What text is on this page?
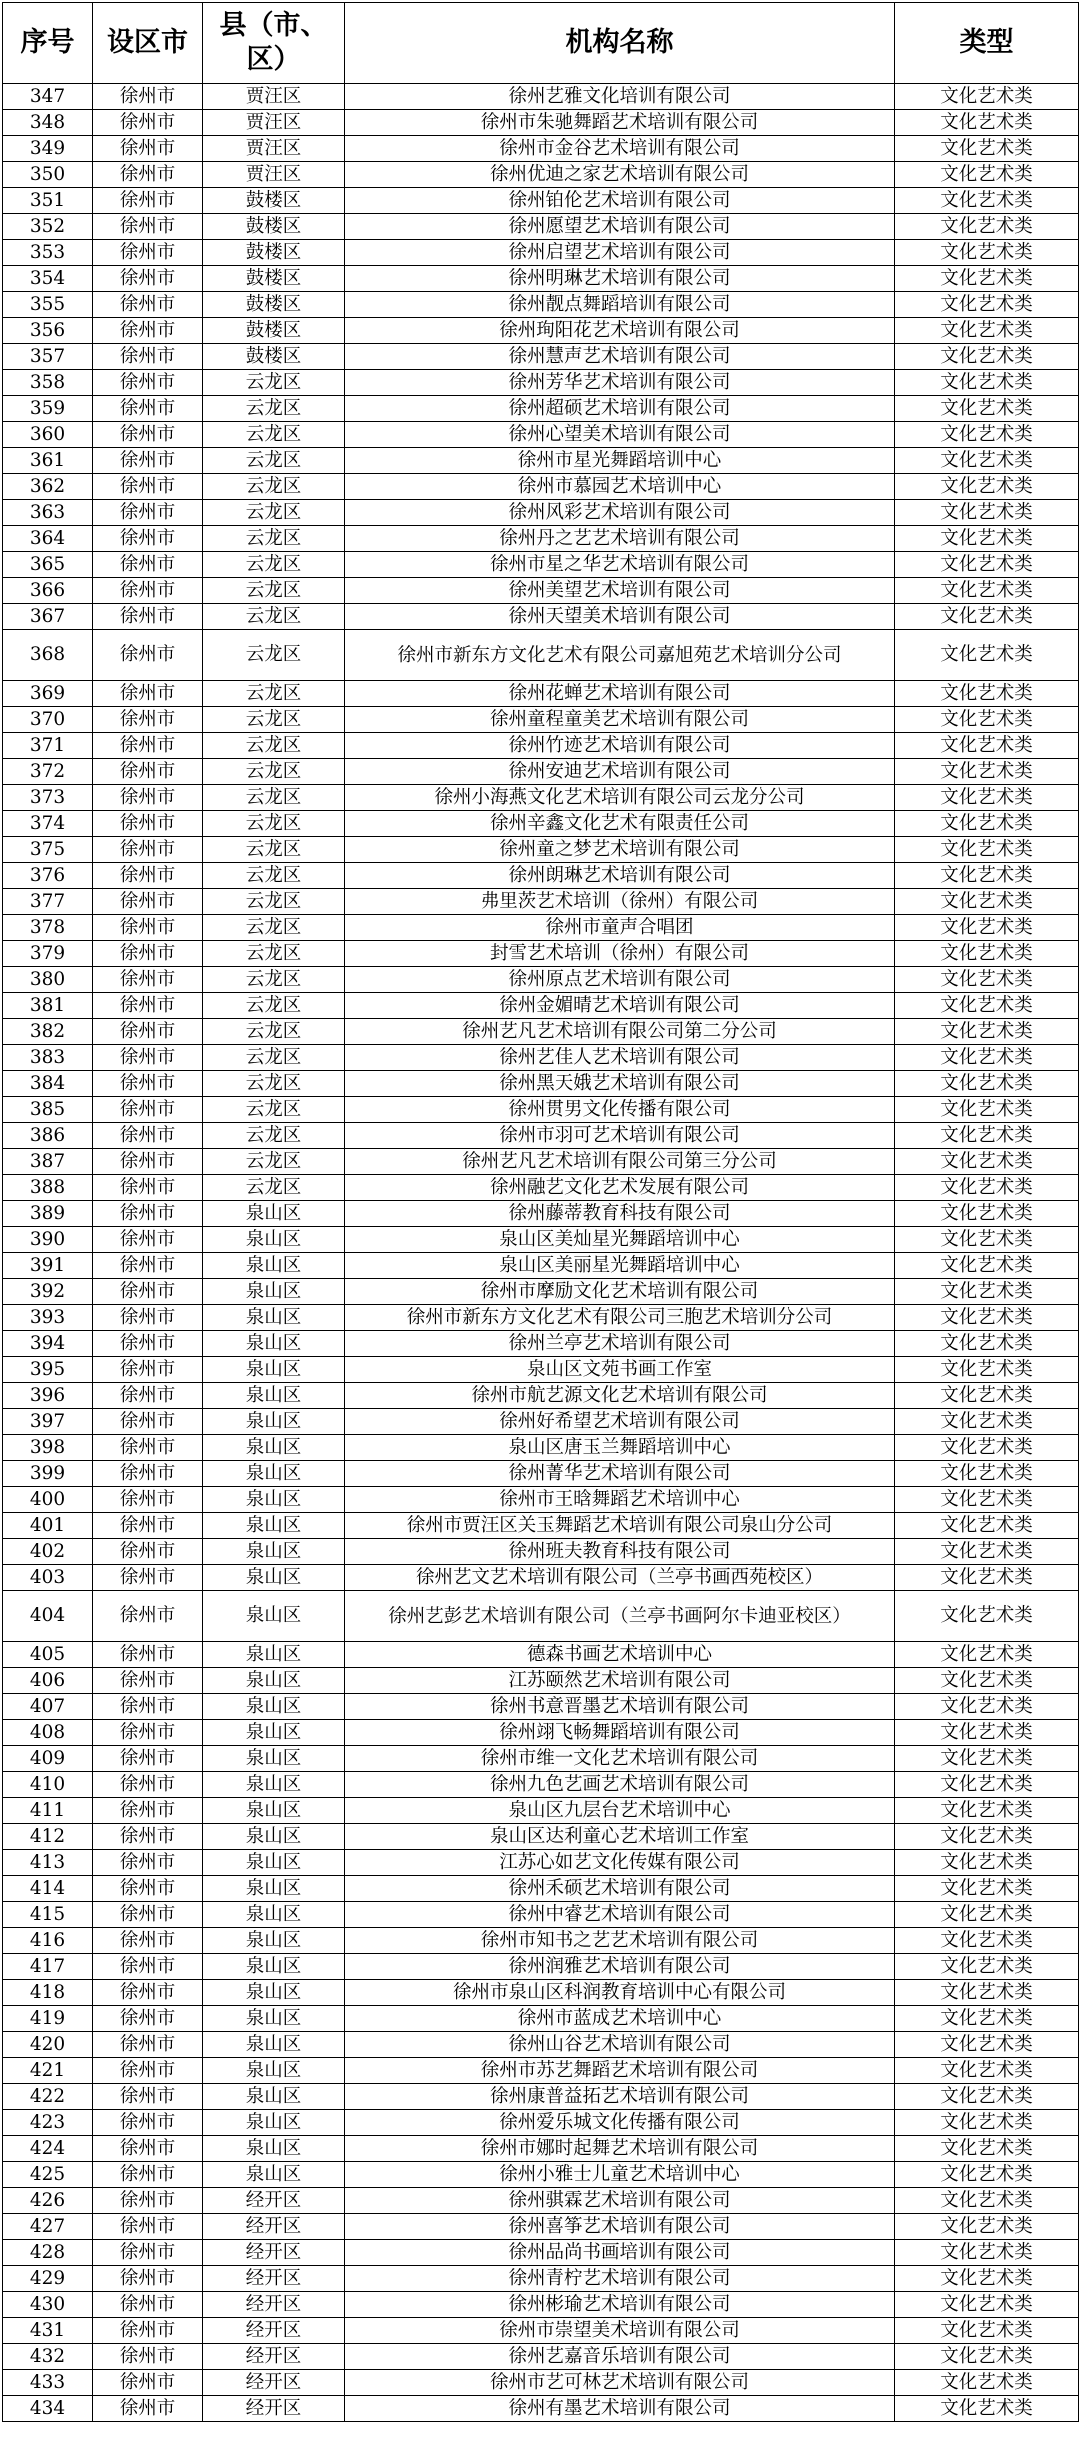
序号	设区市	县（市、区）	机构名称	类型
347	徐州市	贾汪区	徐州艺雅文化培训有限公司	文化艺术类
348	徐州市	贾汪区	徐州市朱驰舞蹈艺术培训有限公司	文化艺术类
349	徐州市	贾汪区	徐州市金谷艺术培训有限公司	文化艺术类
350	徐州市	贾汪区	徐州优迪之家艺术培训有限公司	文化艺术类
351	徐州市	鼓楼区	徐州铂伦艺术培训有限公司	文化艺术类
352	徐州市	鼓楼区	徐州愿望艺术培训有限公司	文化艺术类
353	徐州市	鼓楼区	徐州启望艺术培训有限公司	文化艺术类
354	徐州市	鼓楼区	徐州明琳艺术培训有限公司	文化艺术类
355	徐州市	鼓楼区	徐州靓点舞蹈培训有限公司	文化艺术类
356	徐州市	鼓楼区	徐州珣阳花艺术培训有限公司	文化艺术类
357	徐州市	鼓楼区	徐州慧声艺术培训有限公司	文化艺术类
358	徐州市	云龙区	徐州芳华艺术培训有限公司	文化艺术类
359	徐州市	云龙区	徐州超硕艺术培训有限公司	文化艺术类
360	徐州市	云龙区	徐州心望美术培训有限公司	文化艺术类
361	徐州市	云龙区	徐州市星光舞蹈培训中心	文化艺术类
362	徐州市	云龙区	徐州市慕园艺术培训中心	文化艺术类
363	徐州市	云龙区	徐州风彩艺术培训有限公司	文化艺术类
364	徐州市	云龙区	徐州丹之艺艺术培训有限公司	文化艺术类
365	徐州市	云龙区	徐州市星之华艺术培训有限公司	文化艺术类
366	徐州市	云龙区	徐州美望艺术培训有限公司	文化艺术类
367	徐州市	云龙区	徐州天望美术培训有限公司	文化艺术类
368	徐州市	云龙区	徐州市新东方文化艺术有限公司嘉旭苑艺术培训分公司	文化艺术类
369	徐州市	云龙区	徐州花蝉艺术培训有限公司	文化艺术类
370	徐州市	云龙区	徐州童程童美艺术培训有限公司	文化艺术类
371	徐州市	云龙区	徐州竹迹艺术培训有限公司	文化艺术类
372	徐州市	云龙区	徐州安迪艺术培训有限公司	文化艺术类
373	徐州市	云龙区	徐州小海燕文化艺术培训有限公司云龙分公司	文化艺术类
374	徐州市	云龙区	徐州辛鑫文化艺术有限责任公司	文化艺术类
375	徐州市	云龙区	徐州童之梦艺术培训有限公司	文化艺术类
376	徐州市	云龙区	徐州朗琳艺术培训有限公司	文化艺术类
377	徐州市	云龙区	弗里茨艺术培训（徐州）有限公司	文化艺术类
378	徐州市	云龙区	徐州市童声合唱团	文化艺术类
379	徐州市	云龙区	封雪艺术培训（徐州）有限公司	文化艺术类
380	徐州市	云龙区	徐州原点艺术培训有限公司	文化艺术类
381	徐州市	云龙区	徐州金媚晴艺术培训有限公司	文化艺术类
382	徐州市	云龙区	徐州艺凡艺术培训有限公司第二分公司	文化艺术类
383	徐州市	云龙区	徐州艺佳人艺术培训有限公司	文化艺术类
384	徐州市	云龙区	徐州黑天娥艺术培训有限公司	文化艺术类
385	徐州市	云龙区	徐州贯男文化传播有限公司	文化艺术类
386	徐州市	云龙区	徐州市羽可艺术培训有限公司	文化艺术类
387	徐州市	云龙区	徐州艺凡艺术培训有限公司第三分公司	文化艺术类
388	徐州市	云龙区	徐州融艺文化艺术发展有限公司	文化艺术类
389	徐州市	泉山区	徐州藤蒂教育科技有限公司	文化艺术类
390	徐州市	泉山区	泉山区美灿星光舞蹈培训中心	文化艺术类
391	徐州市	泉山区	泉山区美丽星光舞蹈培训中心	文化艺术类
392	徐州市	泉山区	徐州市摩励文化艺术培训有限公司	文化艺术类
393	徐州市	泉山区	徐州市新东方文化艺术有限公司三胞艺术培训分公司	文化艺术类
394	徐州市	泉山区	徐州兰亭艺术培训有限公司	文化艺术类
395	徐州市	泉山区	泉山区文苑书画工作室	文化艺术类
396	徐州市	泉山区	徐州市航艺源文化艺术培训有限公司	文化艺术类
397	徐州市	泉山区	徐州好希望艺术培训有限公司	文化艺术类
398	徐州市	泉山区	泉山区唐玉兰舞蹈培训中心	文化艺术类
399	徐州市	泉山区	徐州菁华艺术培训有限公司	文化艺术类
400	徐州市	泉山区	徐州市王晗舞蹈艺术培训中心	文化艺术类
401	徐州市	泉山区	徐州市贾汪区关玉舞蹈艺术培训有限公司泉山分公司	文化艺术类
402	徐州市	泉山区	徐州班夫教育科技有限公司	文化艺术类
403	徐州市	泉山区	徐州艺文艺术培训有限公司（兰亭书画西苑校区）	文化艺术类
404	徐州市	泉山区	徐州艺彭艺术培训有限公司（兰亭书画阿尔卡迪亚校区）	文化艺术类
405	徐州市	泉山区	德森书画艺术培训中心	文化艺术类
406	徐州市	泉山区	江苏颐然艺术培训有限公司	文化艺术类
407	徐州市	泉山区	徐州书意晋墨艺术培训有限公司	文化艺术类
408	徐州市	泉山区	徐州翊飞畅舞蹈培训有限公司	文化艺术类
409	徐州市	泉山区	徐州市维一文化艺术培训有限公司	文化艺术类
410	徐州市	泉山区	徐州九色艺画艺术培训有限公司	文化艺术类
411	徐州市	泉山区	泉山区九层台艺术培训中心	文化艺术类
412	徐州市	泉山区	泉山区达利童心艺术培训工作室	文化艺术类
413	徐州市	泉山区	江苏心如艺文化传媒有限公司	文化艺术类
414	徐州市	泉山区	徐州禾硕艺术培训有限公司	文化艺术类
415	徐州市	泉山区	徐州中睿艺术培训有限公司	文化艺术类
416	徐州市	泉山区	徐州市知书之艺艺术培训有限公司	文化艺术类
417	徐州市	泉山区	徐州润雅艺术培训有限公司	文化艺术类
418	徐州市	泉山区	徐州市泉山区科润教育培训中心有限公司	文化艺术类
419	徐州市	泉山区	徐州市蓝成艺术培训中心	文化艺术类
420	徐州市	泉山区	徐州山谷艺术培训有限公司	文化艺术类
421	徐州市	泉山区	徐州市苏艺舞蹈艺术培训有限公司	文化艺术类
422	徐州市	泉山区	徐州康普益拓艺术培训有限公司	文化艺术类
423	徐州市	泉山区	徐州爱乐城文化传播有限公司	文化艺术类
424	徐州市	泉山区	徐州市娜时起舞艺术培训有限公司	文化艺术类
425	徐州市	泉山区	徐州小雅士儿童艺术培训中心	文化艺术类
426	徐州市	经开区	徐州骐霖艺术培训有限公司	文化艺术类
427	徐州市	经开区	徐州喜筝艺术培训有限公司	文化艺术类
428	徐州市	经开区	徐州品尚书画培训有限公司	文化艺术类
429	徐州市	经开区	徐州青柠艺术培训有限公司	文化艺术类
430	徐州市	经开区	徐州彬瑜艺术培训有限公司	文化艺术类
431	徐州市	经开区	徐州市崇望美术培训有限公司	文化艺术类
432	徐州市	经开区	徐州艺嘉音乐培训有限公司	文化艺术类
433	徐州市	经开区	徐州市艺可林艺术培训有限公司	文化艺术类
434	徐州市	经开区	徐州有墨艺术培训有限公司	文化艺术类
